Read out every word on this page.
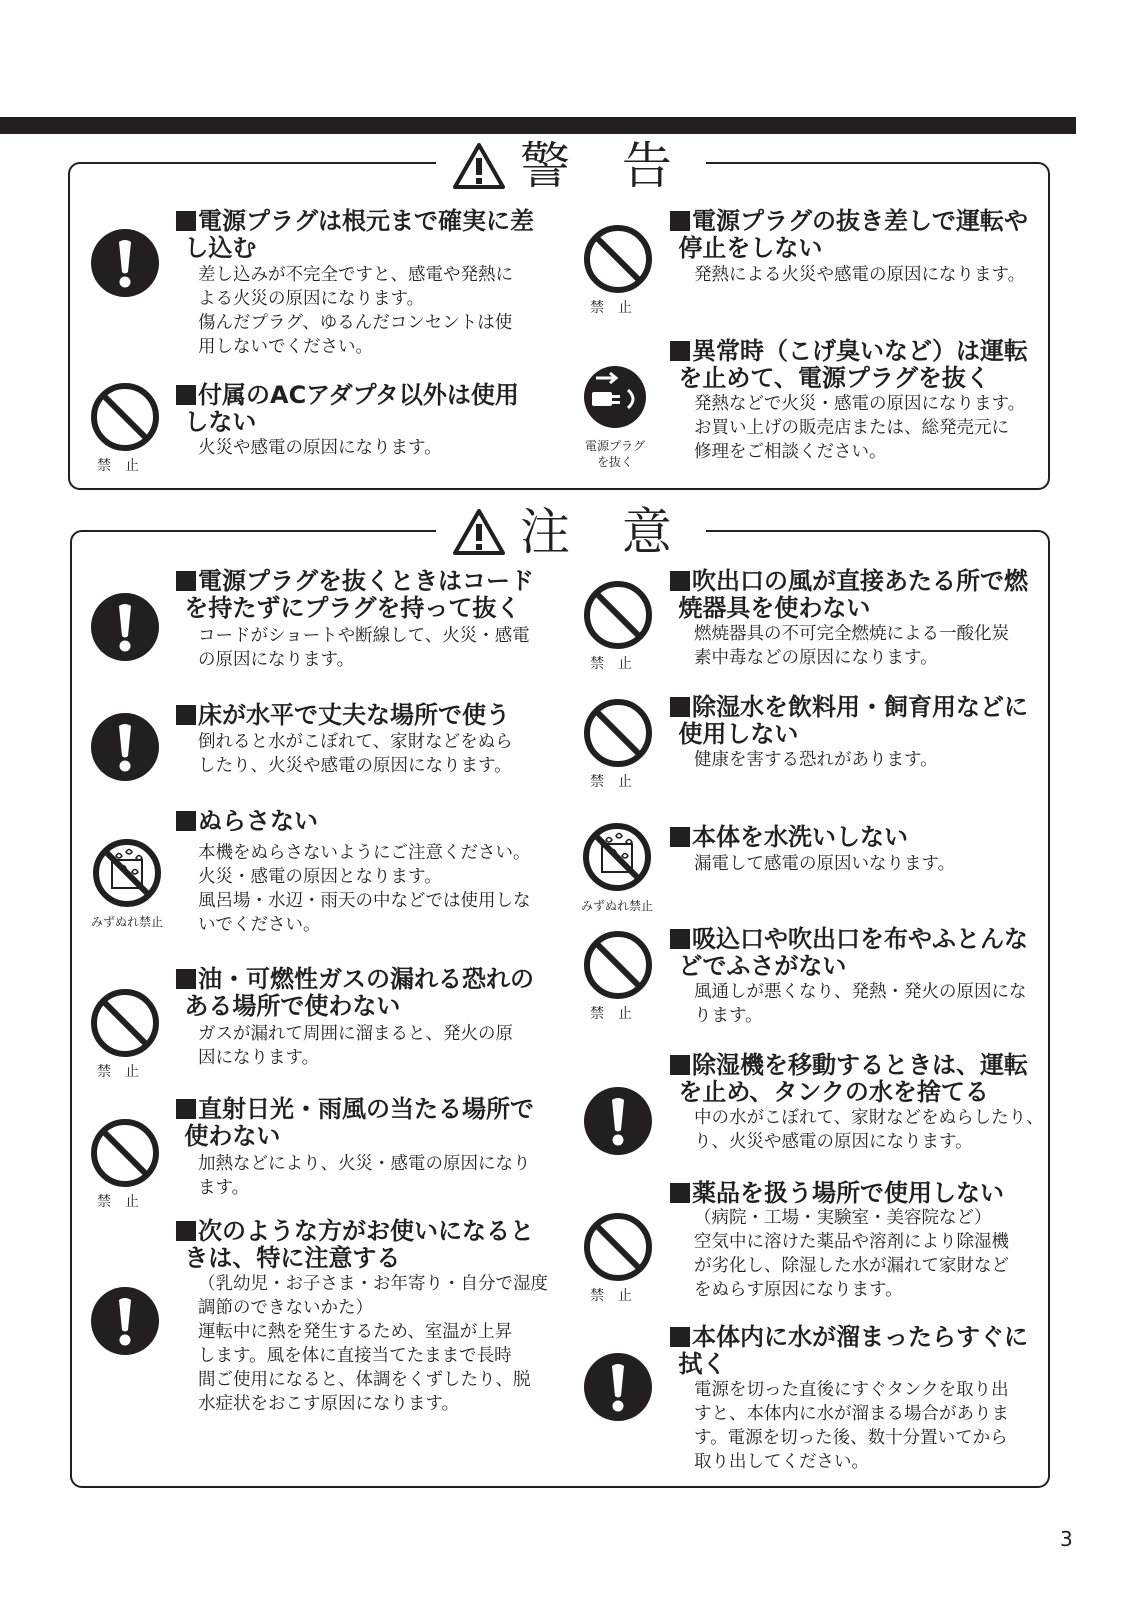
警 告
注 意
電源プラグは根元まで確実に差
し込む
差し込みが不完全ですと、感電や発熱に
よる火災の原因になります。
傷んだプラグ、ゆるんだコンセントは使
用しないでください。
禁止
付属のACアダプタ以外は使用
しない
火災や感電の原因になります。
禁止
電源プラグの抜き差しで運転や
停止をしない
発熱による火災や感電の原因になります。
電源プラグ
を抜く
異常時（こげ臭いなど）は運転
を止めて、電源プラグを抜く
発熱などで火災・感電の原因になります。
お買い上げの販売店または、総発売元に
修理をご相談ください。
電源プラグを抜くときはコード
を持たずにプラグを持って抜く
コードがショートや断線して、火災・感電
の原因になります。
床が水平で丈夫な場所で使う
倒れると水がこぼれて、家財などをぬら
したり、火災や感電の原因になります。
みずぬれ禁止
ぬらさない
本機をぬらさないようにご注意ください。
火災・感電の原因となります。
風呂場・水辺・雨天の中などでは使用しな
いでください。
禁止
油・可燃性ガスの漏れる恐れの
ある場所で使わない
ガスが漏れて周囲に溜まると、発火の原
因になります。
禁止
直射日光・雨風の当たる場所で
使わない
加熱などにより、火災・感電の原因になり
ます。
次のような方がお使いになると
きは、特に注意する
（乳幼児・お子さま・お年寄り・自分で湿度
調節のできないかた）
運転中に熱を発生するため、室温が上昇
します。風を体に直接当てたままで長時
間ご使用になると、体調をくずしたり、脱
水症状をおこす原因になります。
禁止
吹出口の風が直接あたる所で燃
焼器具を使わない
燃焼器具の不可完全燃焼による一酸化炭
素中毒などの原因になります。
禁止
除湿水を飲料用・飼育用などに
使用しない
健康を害する恐れがあります。
みずぬれ禁止
本体を水洗いしない
漏電して感電の原因いなります。
禁止
吸込口や吹出口を布やふとんな
どでふさがない
風通しが悪くなり、発熱・発火の原因にな
ります。
除湿機を移動するときは、運転
を止め、タンクの水を捨てる
中の水がこぼれて、家財などをぬらしたり、
り、火災や感電の原因になります。
禁止
薬品を扱う場所で使用しない
（病院・工場・実験室・美容院など）
空気中に溶けた薬品や溶剤により除湿機
が劣化し、除湿した水が漏れて家財など
をぬらす原因になります。
本体内に水が溜まったらすぐに
拭く
電源を切った直後にすぐタンクを取り出
すと、本体内に水が溜まる場合がありま
す。電源を切った後、数十分置いてから
取り出してください。
3
